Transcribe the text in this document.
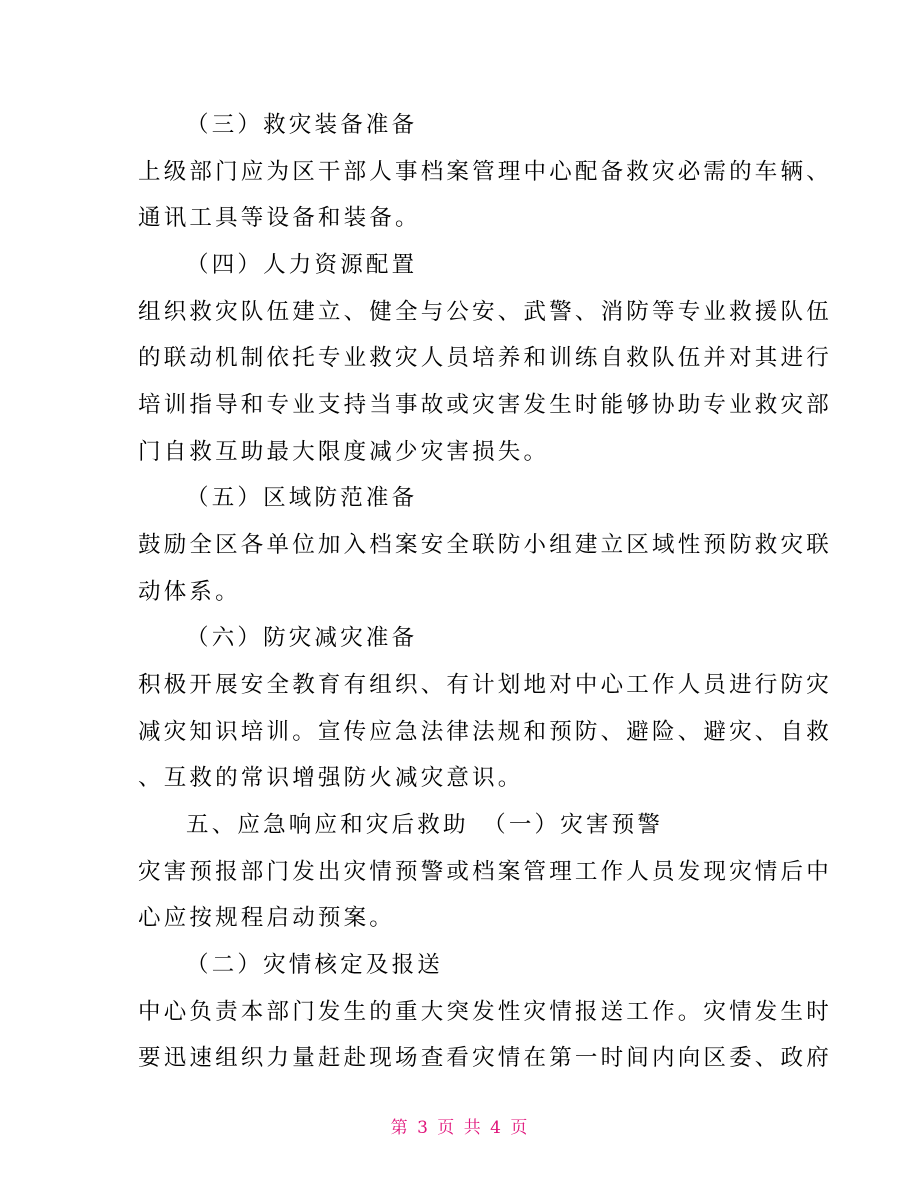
（三）救灾装备准备
上级部门应为区干部人事档案管理中心配备救灾必需的车辆、
通讯工具等设备和装备。
（四）人力资源配置
组织救灾队伍建立、健全与公安、武警、消防等专业救援队伍
的联动机制依托专业救灾人员培养和训练自救队伍并对其进行
培训指导和专业支持当事故或灾害发生时能够协助专业救灾部
门自救互助最大限度减少灾害损失。
（五）区域防范准备
鼓励全区各单位加入档案安全联防小组建立区域性预防救灾联
动体系。
（六）防灾减灾准备
积极开展安全教育有组织、有计划地对中心工作人员进行防灾
减灾知识培训。宣传应急法律法规和预防、避险、避灾、自救
、互救的常识增强防火减灾意识。
五、应急响应和灾后救助　（一）灾害预警
灾害预报部门发出灾情预警或档案管理工作人员发现灾情后中
心应按规程启动预案。
（二）灾情核定及报送
中心负责本部门发生的重大突发性灾情报送工作。灾情发生时
要迅速组织力量赶赴现场查看灾情在第一时间内向区委、政府
第 3 页 共 4 页
